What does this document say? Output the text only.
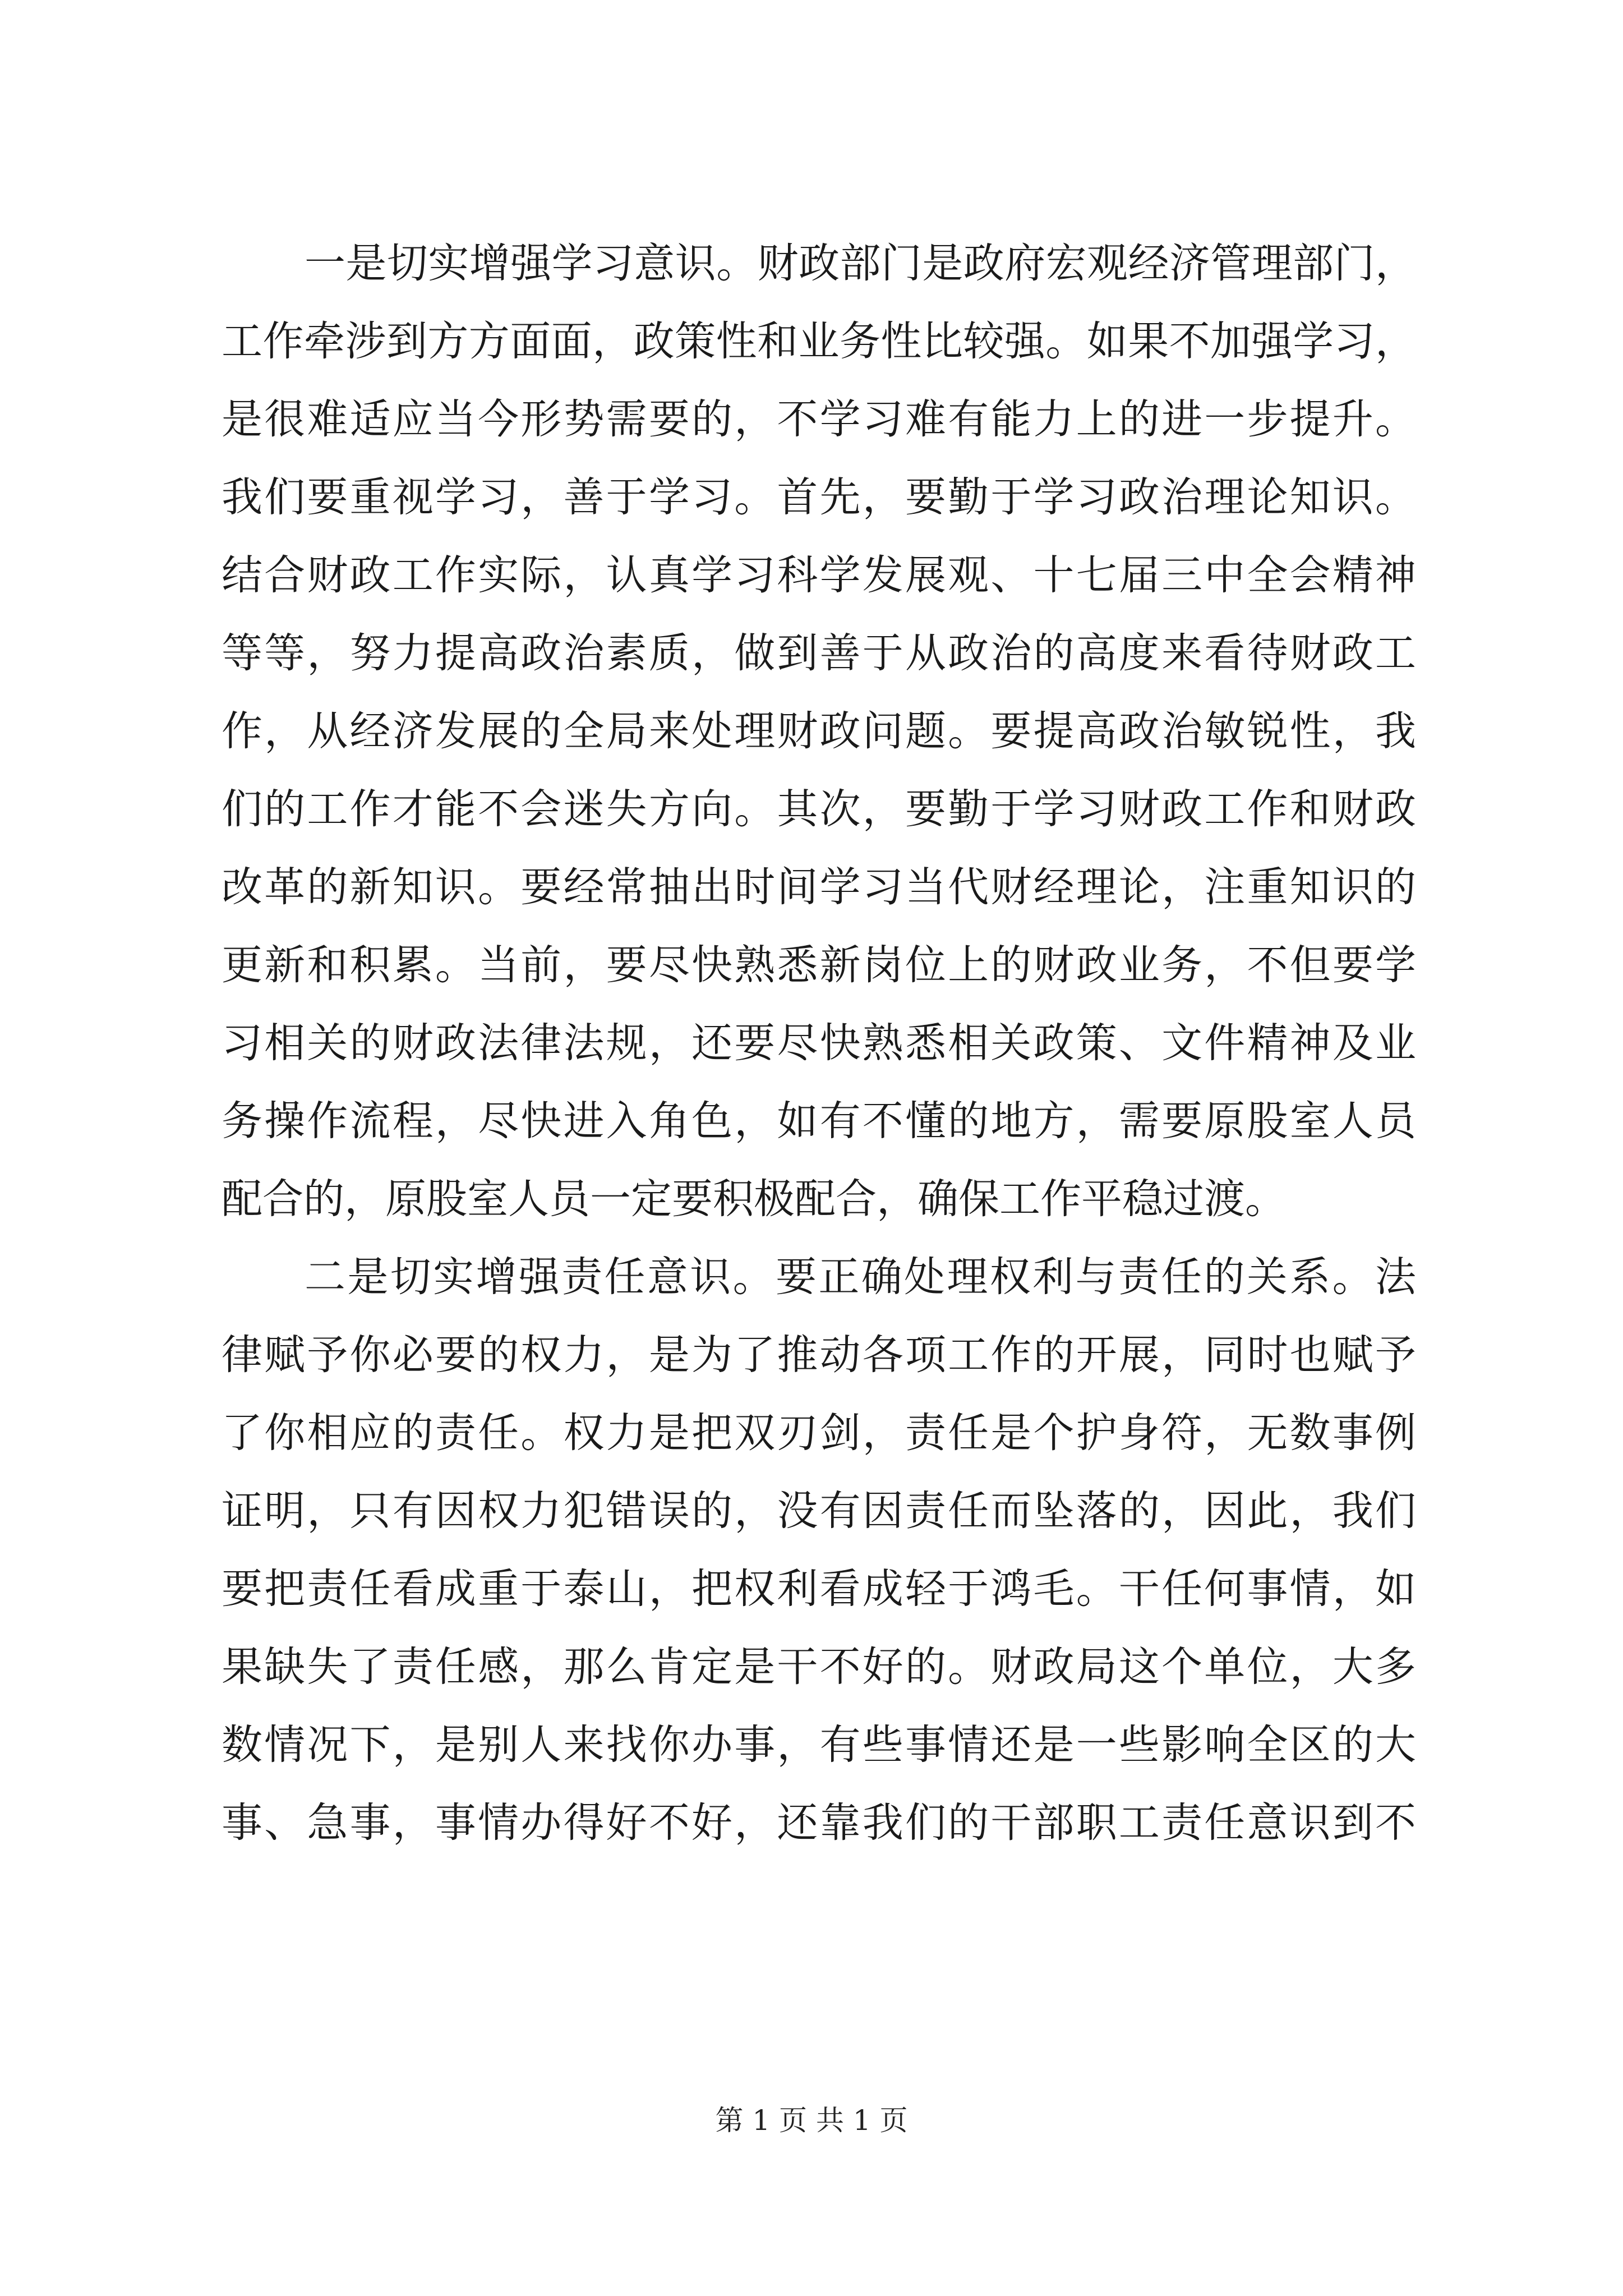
一是切实增强学习意识。财政部门是政府宏观经济管理部门，
工作牵涉到方方面面，政策性和业务性比较强。如果不加强学习，
是很难适应当今形势需要的，不学习难有能力上的进一步提升。
我们要重视学习，善于学习。首先，要勤于学习政治理论知识。
结合财政工作实际，认真学习科学发展观、十七届三中全会精神
等等，努力提高政治素质，做到善于从政治的高度来看待财政工
作，从经济发展的全局来处理财政问题。要提高政治敏锐性，我
们的工作才能不会迷失方向。其次，要勤于学习财政工作和财政
改革的新知识。要经常抽出时间学习当代财经理论，注重知识的
更新和积累。当前，要尽快熟悉新岗位上的财政业务，不但要学
习相关的财政法律法规，还要尽快熟悉相关政策、文件精神及业
务操作流程，尽快进入角色，如有不懂的地方，需要原股室人员
配合的，原股室人员一定要积极配合，确保工作平稳过渡。
二是切实增强责任意识。要正确处理权利与责任的关系。法
律赋予你必要的权力，是为了推动各项工作的开展，同时也赋予
了你相应的责任。权力是把双刃剑，责任是个护身符，无数事例
证明，只有因权力犯错误的，没有因责任而坠落的，因此，我们
要把责任看成重于泰山，把权利看成轻于鸿毛。干任何事情，如
果缺失了责任感，那么肯定是干不好的。财政局这个单位，大多
数情况下，是别人来找你办事，有些事情还是一些影响全区的大
事、急事，事情办得好不好，还靠我们的干部职工责任意识到不
第 1 页 共 1 页
